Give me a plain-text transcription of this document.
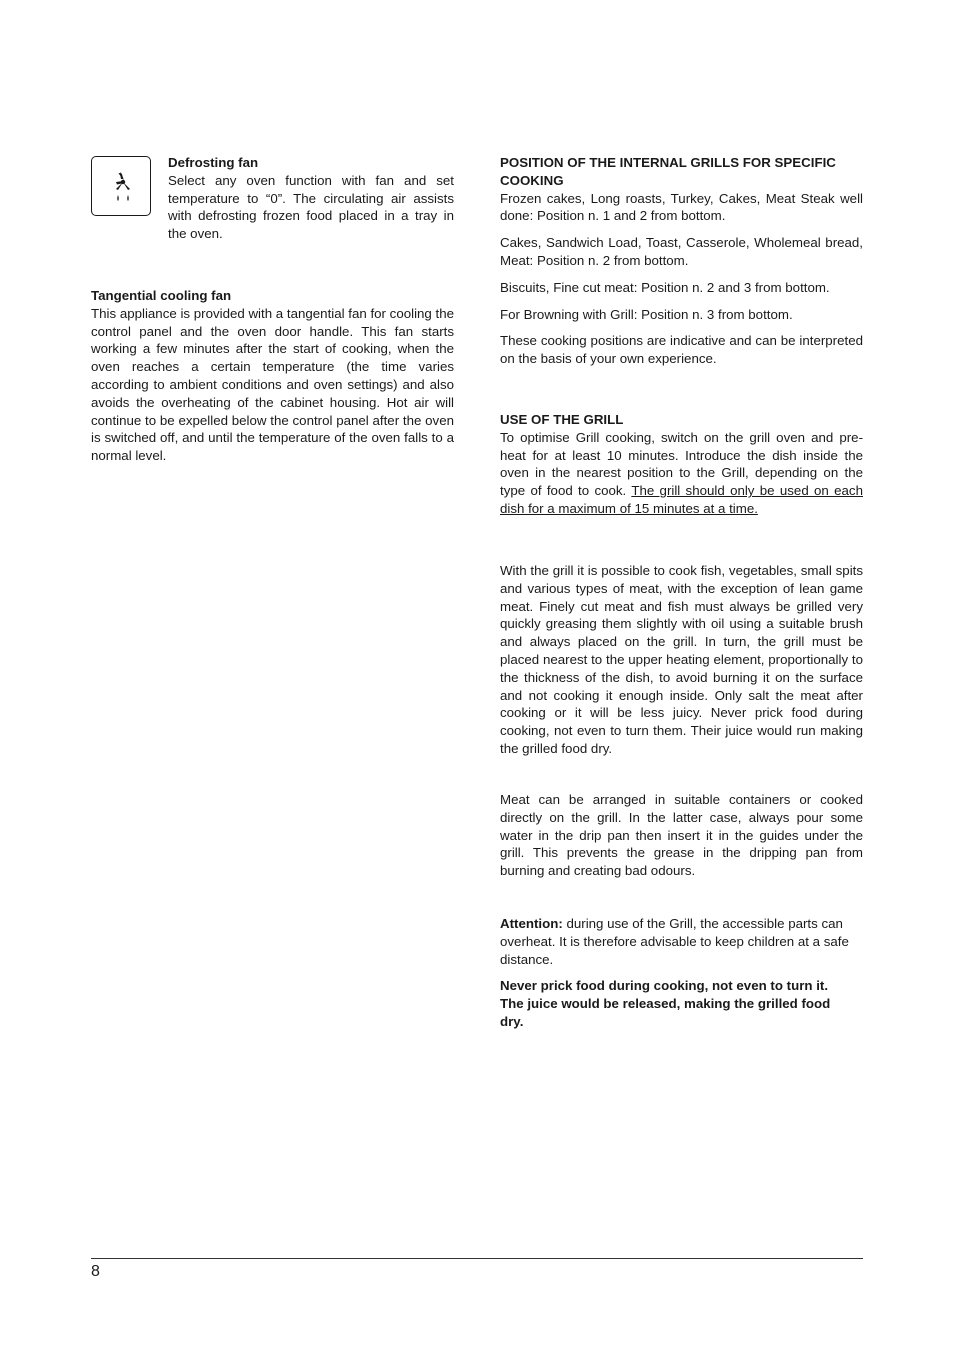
Defrosting fan

Select any oven function with fan and set temperature to “0”. The circulating air assists with defrosting frozen food placed in a tray in the oven.

Tangential cooling fan

This appliance is provided with a tangential fan for cooling the control panel and the oven door handle. This fan starts working a few minutes after the start of cooking, when the oven reaches a certain temperature (the time varies according to ambient conditions and oven settings) and also avoids the overheating of the cabinet housing. Hot air will continue to be expelled below the control panel after the oven is switched off, and until the temperature of the oven falls to a normal level.

POSITION OF THE INTERNAL GRILLS FOR SPECIFIC COOKING

Frozen cakes, Long roasts, Turkey, Cakes, Meat Steak well done: Position n. 1 and 2 from bottom.

Cakes, Sandwich Load, Toast, Casserole, Wholemeal bread, Meat: Position n. 2 from bottom.

Biscuits, Fine cut meat: Position n. 2 and 3 from bottom.

For Browning with Grill: Position n. 3 from bottom.

These cooking positions are indicative and can be interpreted on the basis of your own experience.

USE OF THE GRILL

To optimise Grill cooking, switch on the grill oven and pre-heat for at least 10 minutes. Introduce the dish inside the oven in the nearest position to the Grill, depending on the type of food to cook. The grill should only be used on each dish for a maximum of 15 minutes at a time.

With the grill it is possible to cook fish, vegetables, small spits and various types of meat, with the exception of lean game meat. Finely cut meat and fish must always be grilled very quickly greasing them slightly with oil using a suitable brush and always placed on the grill. In turn, the grill must be placed nearest to the upper heating element, proportionally to the thickness of the dish, to avoid burning it on the surface and not cooking it enough inside. Only salt the meat after cooking or it will be less juicy. Never prick food during cooking, not even to turn them. Their juice would run making the grilled food dry.

Meat can be arranged in suitable containers or cooked directly on the grill. In the latter case, always pour some water in the drip pan then insert it in the guides under the grill. This prevents the grease in the dripping pan from burning and creating bad odours.

Attention: during use of the Grill, the accessible parts can overheat. It is therefore advisable to keep children at a safe distance.

Never prick food during cooking, not even to turn it. The juice would be released, making the grilled food dry.

8
